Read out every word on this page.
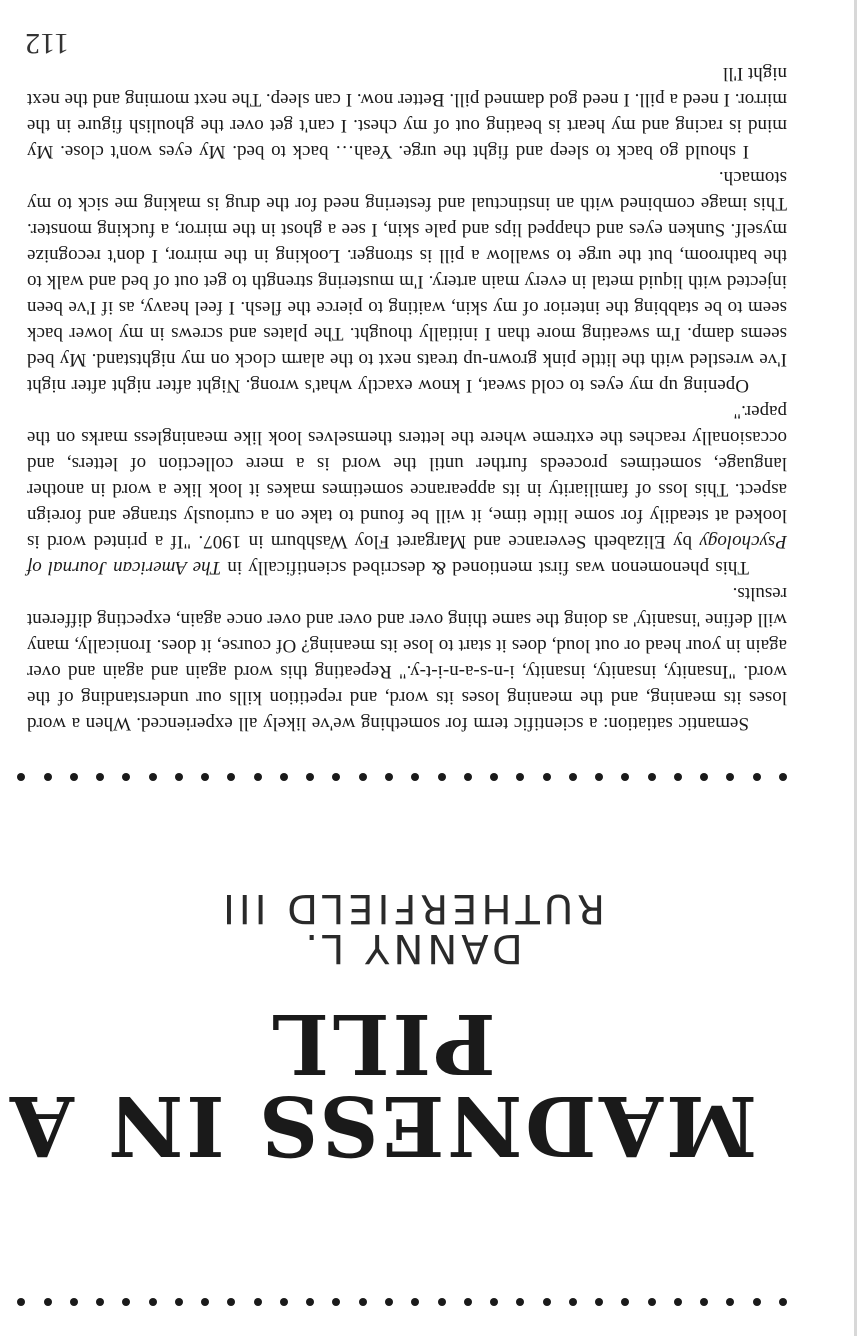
MADNESS IN A PILL
DANNY L. RUTHERFIELD III

Semantic satiation: a scientific term for something we've likely all experienced. When a word loses its meaning, and the meaning loses its word, and repetition kills our understanding of the word. "Insanity, insanity, insanity, i-n-s-a-n-i-t-y." Repeating this word again and again and over again in your head or out loud, does it start to lose its meaning? Of course, it does. Ironically, many will define 'insanity' as doing the same thing over and over and over once again, expecting different results.

This phenomenon was first mentioned & described scientifically in The American Journal of Psychology by Elizabeth Severance and Margaret Floy Washburn in 1907. "If a printed word is looked at steadily for some little time, it will be found to take on a curiously strange and foreign aspect. This loss of familiarity in its appearance sometimes makes it look like a word in another language, sometimes proceeds further until the word is a mere collection of letters, and occasionally reaches the extreme where the letters themselves look like meaningless marks on the paper."

Opening up my eyes to cold sweat, I know exactly what's wrong. Night after night after night I've wrestled with the little pink grown-up treats next to the alarm clock on my nightstand. My bed seems damp. I'm sweating more than I initially thought. The plates and screws in my lower back seem to be stabbing the interior of my skin, waiting to pierce the flesh. I feel heavy, as if I've been injected with liquid metal in every main artery. I'm mustering strength to get out of bed and walk to the bathroom, but the urge to swallow a pill is stronger. Looking in the mirror, I don't recognize myself. Sunken eyes and chapped lips and pale skin, I see a ghost in the mirror, a fucking monster. This image combined with an instinctual and festering need for the drug is making me sick to my stomach.

I should go back to sleep and fight the urge. Yeah… back to bed. My eyes won't close. My mind is racing and my heart is beating out of my chest. I can't get over the ghoulish figure in the mirror. I need a pill. I need god damned pill. Better now. I can sleep. The next morning and the next night I'll

112
